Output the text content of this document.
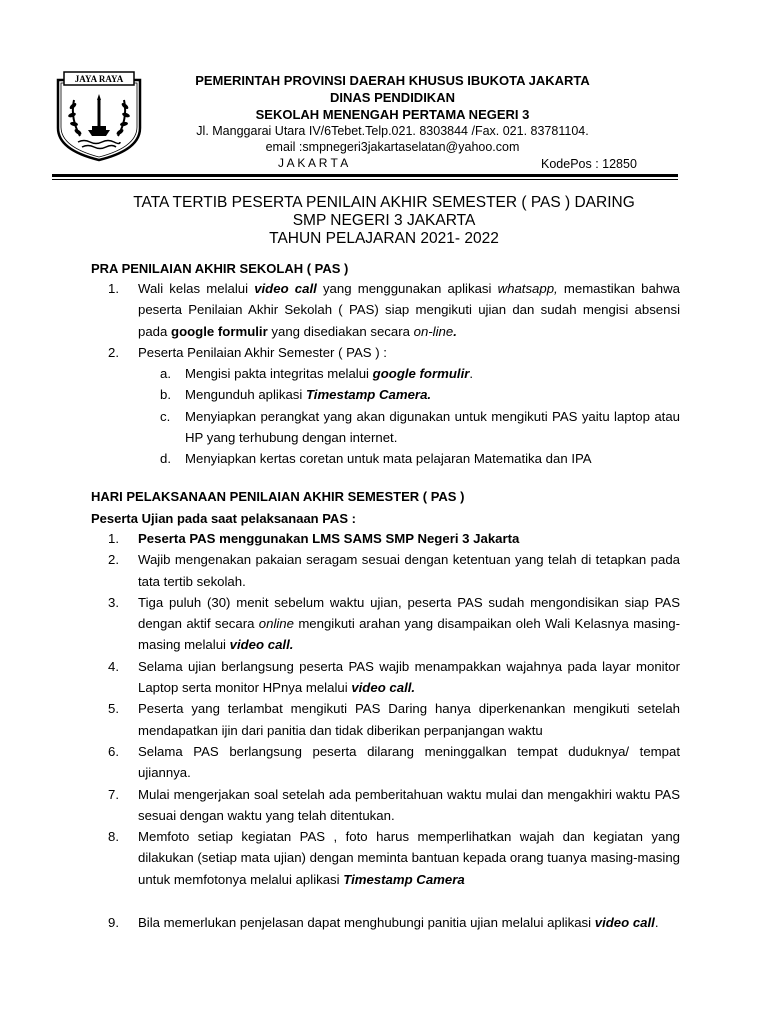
JAYA RAYA	PEMERINTAH PROVINSI DAERAH KHUSUS IBUKOTA JAKARTA
DINAS PENDIDIKAN
SEKOLAH MENENGAH PERTAMA NEGERI 3
Jl. Manggarai Utara IV/6Tebet.Telp.021. 8303844 /Fax. 021. 83781104.
email :smpnegeri3jakartaselatan@yahoo.com
J A K A R T A	KodePos : 12850
TATA TERTIB PESERTA PENILAIN AKHIR SEMESTER ( PAS ) DARING
SMP NEGERI 3 JAKARTA
TAHUN PELAJARAN 2021- 2022
PRA PENILAIAN AKHIR SEKOLAH ( PAS )
1. Wali kelas melalui video call yang menggunakan aplikasi whatsapp, memastikan bahwa peserta Penilaian Akhir Sekolah ( PAS) siap mengikuti ujian dan sudah mengisi absensi pada google formulir yang disediakan secara on-line.
2. Peserta Penilaian Akhir Semester ( PAS ) :
a. Mengisi pakta integritas melalui google formulir.
b. Mengunduh aplikasi Timestamp Camera.
c. Menyiapkan perangkat yang akan digunakan untuk mengikuti PAS yaitu laptop atau HP yang terhubung dengan internet.
d. Menyiapkan kertas coretan untuk mata pelajaran Matematika dan IPA
HARI PELAKSANAAN PENILAIAN AKHIR SEMESTER ( PAS )
Peserta Ujian pada saat pelaksanaan PAS :
1. Peserta PAS menggunakan LMS SAMS SMP Negeri 3 Jakarta
2. Wajib mengenakan pakaian seragam sesuai dengan ketentuan yang telah di tetapkan pada tata tertib sekolah.
3. Tiga puluh (30) menit sebelum waktu ujian, peserta PAS sudah mengondisikan siap PAS dengan aktif secara online mengikuti arahan yang disampaikan oleh Wali Kelasnya masing-masing melalui video call.
4. Selama ujian berlangsung peserta PAS wajib menampakkan wajahnya pada layar monitor Laptop serta monitor HPnya melalui video call.
5. Peserta yang terlambat mengikuti PAS Daring hanya diperkenankan mengikuti setelah mendapatkan ijin dari panitia dan tidak diberikan perpanjangan waktu
6. Selama PAS berlangsung peserta dilarang meninggalkan tempat duduknya/ tempat ujiannya.
7. Mulai mengerjakan soal setelah ada pemberitahuan waktu mulai dan mengakhiri waktu PAS sesuai dengan waktu yang telah ditentukan.
8. Memfoto setiap kegiatan PAS , foto harus memperlihatkan wajah dan kegiatan yang dilakukan (setiap mata ujian) dengan meminta bantuan kepada orang tuanya masing-masing untuk memfotonya melalui aplikasi Timestamp Camera
9. Bila memerlukan penjelasan dapat menghubungi panitia ujian melalui aplikasi video call.
